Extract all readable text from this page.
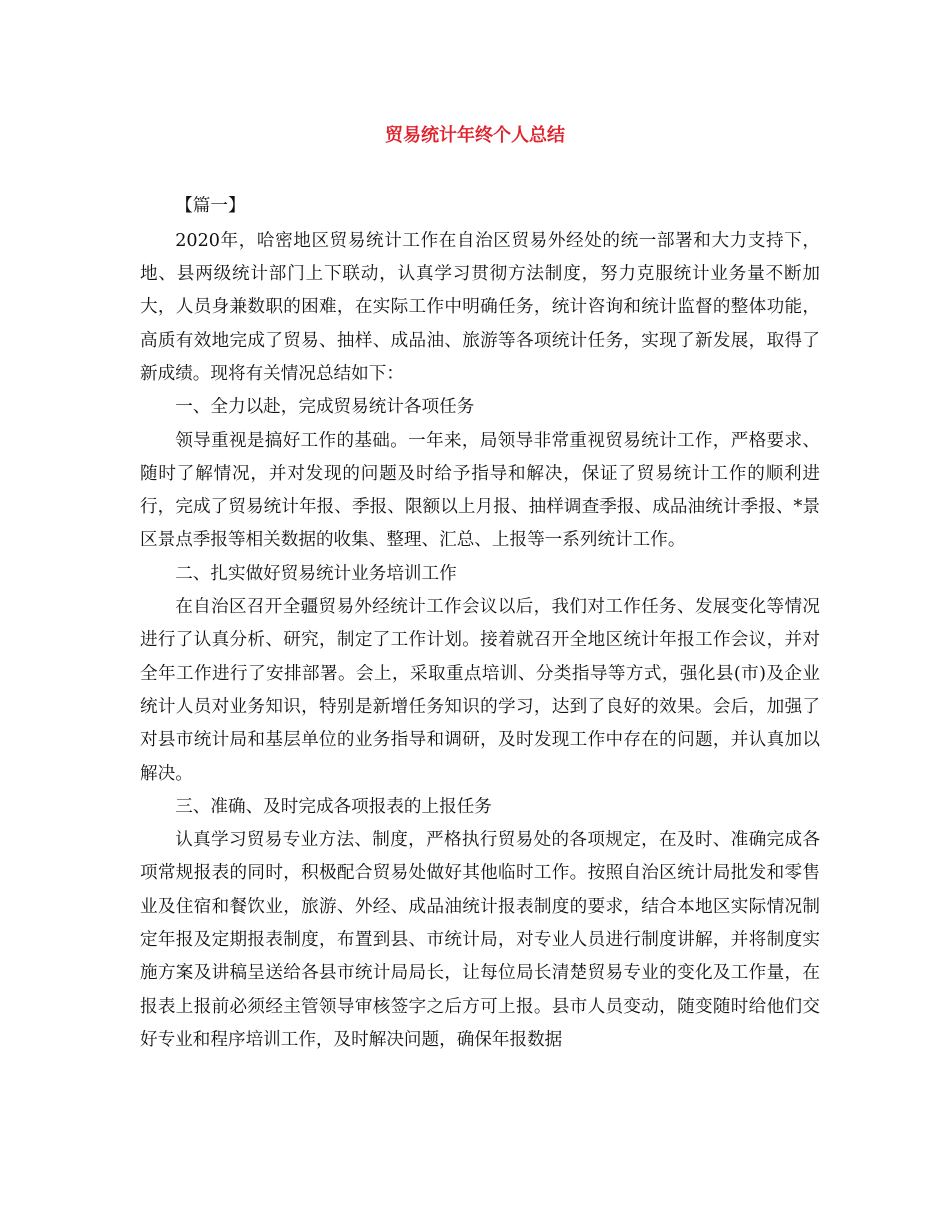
贸易统计年终个人总结

【篇一】

2020年，哈密地区贸易统计工作在自治区贸易外经处的统一部署和大力支持下，地、县两级统计部门上下联动，认真学习贯彻方法制度，努力克服统计业务量不断加大，人员身兼数职的困难，在实际工作中明确任务，统计咨询和统计监督的整体功能，高质有效地完成了贸易、抽样、成品油、旅游等各项统计任务，实现了新发展，取得了新成绩。现将有关情况总结如下：

一、全力以赴，完成贸易统计各项任务

领导重视是搞好工作的基础。一年来，局领导非常重视贸易统计工作，严格要求、随时了解情况，并对发现的问题及时给予指导和解决，保证了贸易统计工作的顺利进行，完成了贸易统计年报、季报、限额以上月报、抽样调查季报、成品油统计季报、*景区景点季报等相关数据的收集、整理、汇总、上报等一系列统计工作。

二、扎实做好贸易统计业务培训工作

在自治区召开全疆贸易外经统计工作会议以后，我们对工作任务、发展变化等情况进行了认真分析、研究，制定了工作计划。接着就召开全地区统计年报工作会议，并对全年工作进行了安排部署。会上，采取重点培训、分类指导等方式，强化县(市)及企业统计人员对业务知识，特别是新增任务知识的学习，达到了良好的效果。会后，加强了对县市统计局和基层单位的业务指导和调研，及时发现工作中存在的问题，并认真加以解决。

三、准确、及时完成各项报表的上报任务

认真学习贸易专业方法、制度，严格执行贸易处的各项规定，在及时、准确完成各项常规报表的同时，积极配合贸易处做好其他临时工作。按照自治区统计局批发和零售业及住宿和餐饮业，旅游、外经、成品油统计报表制度的要求，结合本地区实际情况制定年报及定期报表制度，布置到县、市统计局，对专业人员进行制度讲解，并将制度实施方案及讲稿呈送给各县市统计局局长，让每位局长清楚贸易专业的变化及工作量，在报表上报前必须经主管领导审核签字之后方可上报。县市人员变动，随变随时给他们交好专业和程序培训工作，及时解决问题，确保年报数据
